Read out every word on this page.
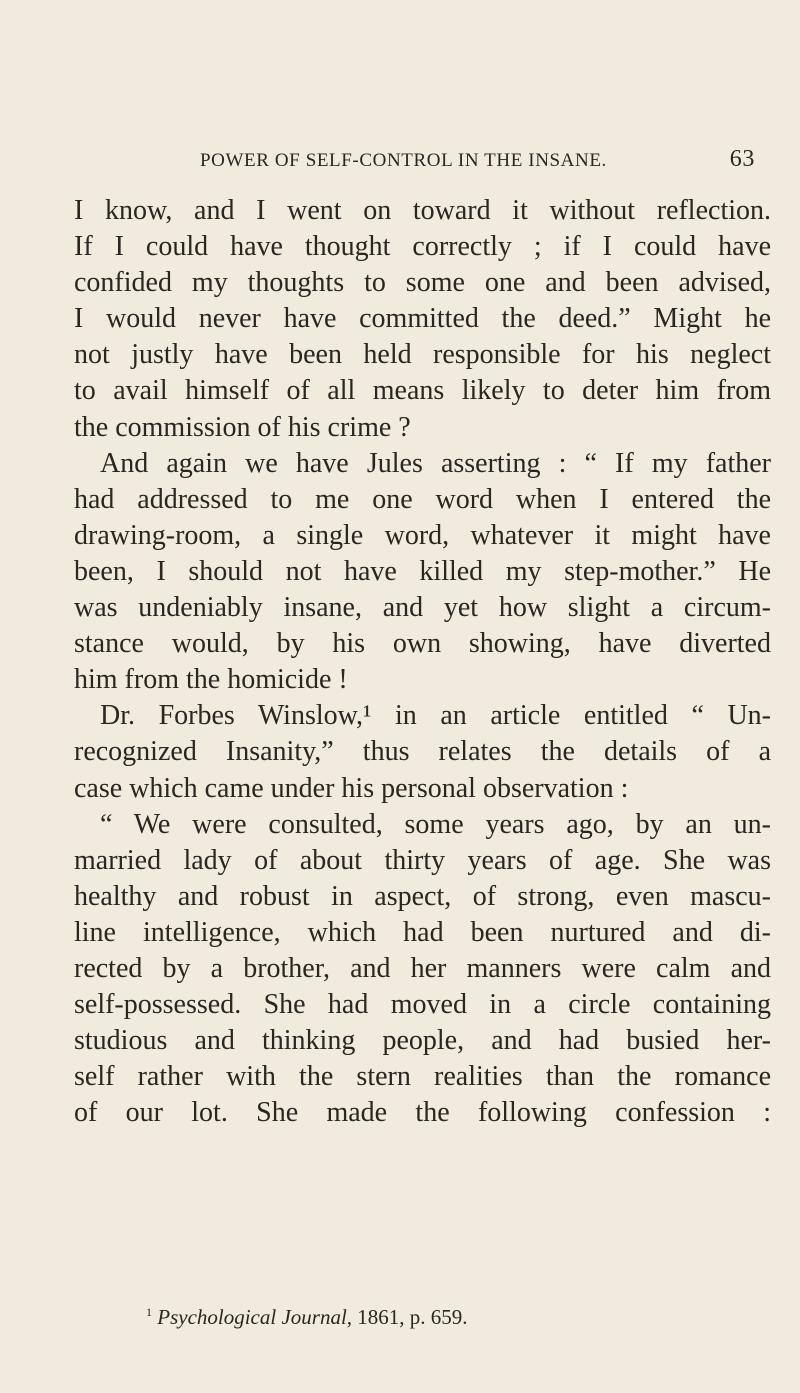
POWER OF SELF-CONTROL IN THE INSANE.	63
I know, and I went on toward it without reflection.
If I could have thought correctly ; if I could have
confided my thoughts to some one and been advised,
I would never have committed the deed.” Might he
not justly have been held responsible for his neglect
to avail himself of all means likely to deter him from
the commission of his crime ?
And again we have Jules asserting : “ If my father
had addressed to me one word when I entered the
drawing-room, a single word, whatever it might have
been, I should not have killed my step-mother.” He
was undeniably insane, and yet how slight a circum-
stance would, by his own showing, have diverted
him from the homicide !
Dr. Forbes Winslow,¹ in an article entitled “ Un-
recognized Insanity,” thus relates the details of a
case which came under his personal observation :
“ We were consulted, some years ago, by an un-
married lady of about thirty years of age. She was
healthy and robust in aspect, of strong, even mascu-
line intelligence, which had been nurtured and di-
rected by a brother, and her manners were calm and
self-possessed. She had moved in a circle containing
studious and thinking people, and had busied her-
self rather with the stern realities than the romance
of our lot. She made the following confession :
$^1$ Psychological Journal, 1861, p. 659.
